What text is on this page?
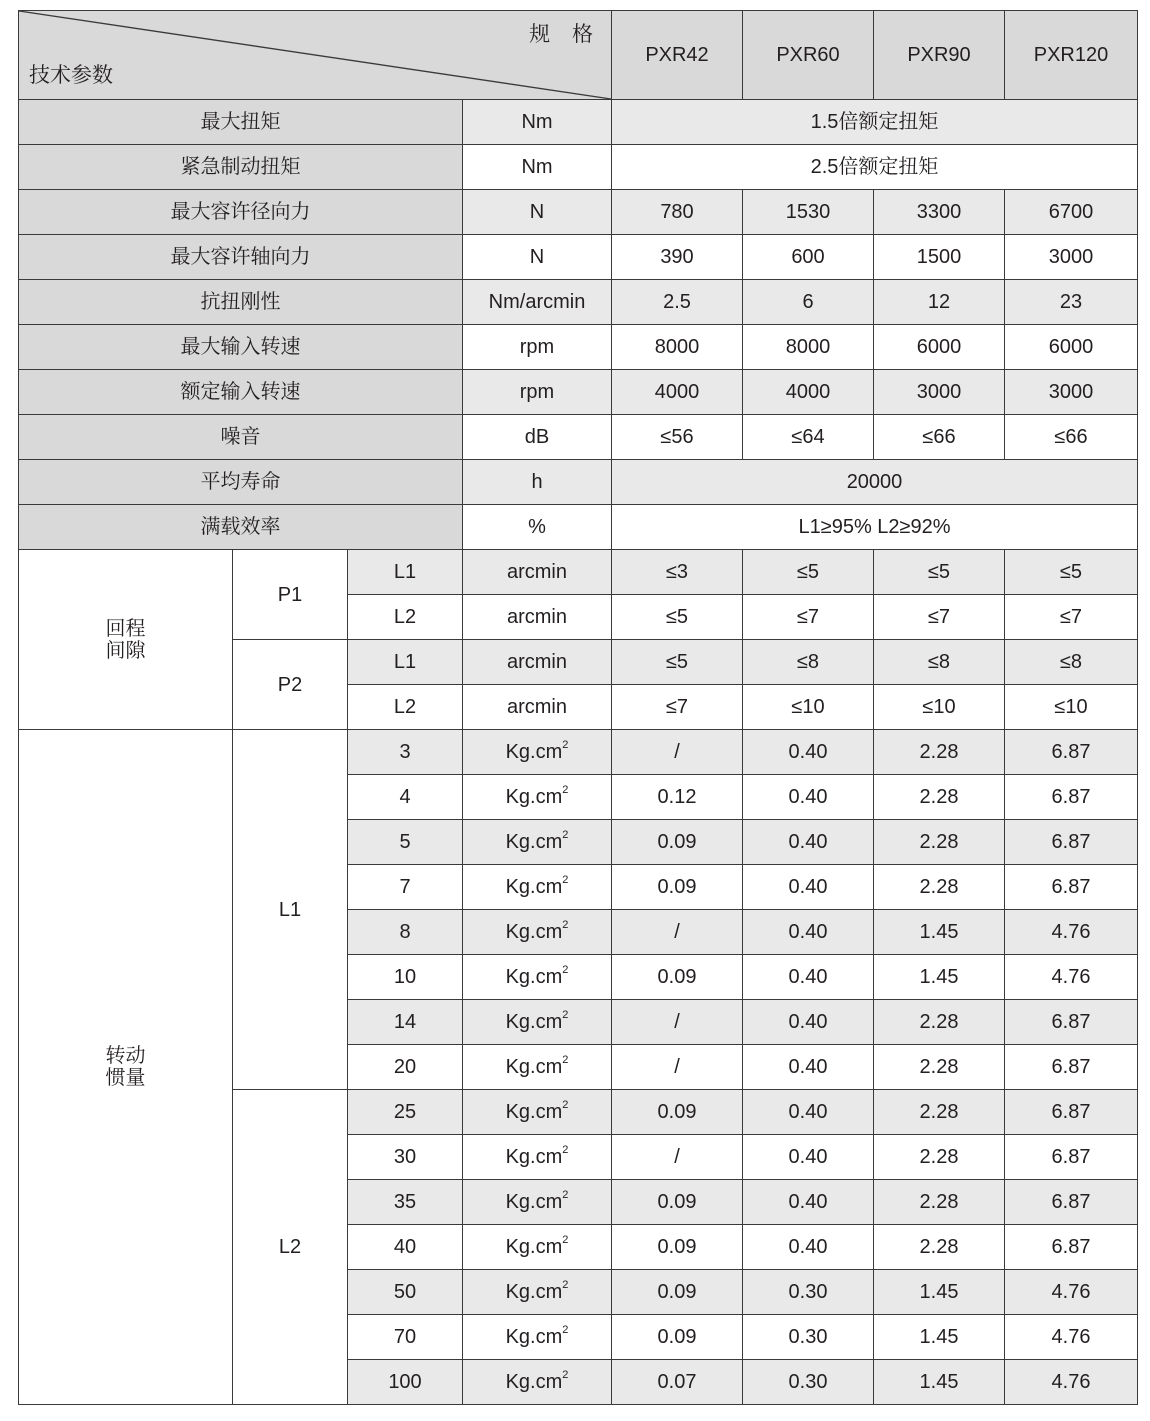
规 格
技术参数				PXR42	PXR60	PXR90	PXR120
最大扭矩			Nm	1.5倍额定扭矩			
紧急制动扭矩			Nm	2.5倍额定扭矩			
最大容许径向力			N	780	1530	3300	6700
最大容许轴向力			N	390	600	1500	3000
抗扭刚性			Nm/arcmin	2.5	6	12	23
最大输入转速			rpm	8000	8000	6000	6000
额定输入转速			rpm	4000	4000	3000	3000
噪音			dB	≤56	≤64	≤66	≤66
平均寿命			h	20000			
满载效率			%	L1≥95% L2≥92%			

回程
间隙	P1	L1	arcmin	≤3	≤5	≤5	≤5
		L2	arcmin	≤5	≤7	≤7	≤7
	P2	L1	arcmin	≤5	≤8	≤8	≤8
		L2	arcmin	≤7	≤10	≤10	≤10

转动
惯量	L1	3	$Kg.cm^2$	/	0.40	2.28	6.87
		4	$Kg.cm^2$	0.12	0.40	2.28	6.87
		5	$Kg.cm^2$	0.09	0.40	2.28	6.87
		7	$Kg.cm^2$	0.09	0.40	2.28	6.87
		8	$Kg.cm^2$	/	0.40	1.45	4.76
		10	$Kg.cm^2$	0.09	0.40	1.45	4.76
		14	$Kg.cm^2$	/	0.40	2.28	6.87
		20	$Kg.cm^2$	/	0.40	2.28	6.87
	L2	25	$Kg.cm^2$	0.09	0.40	2.28	6.87
		30	$Kg.cm^2$	/	0.40	2.28	6.87
		35	$Kg.cm^2$	0.09	0.40	2.28	6.87
		40	$Kg.cm^2$	0.09	0.40	2.28	6.87
		50	$Kg.cm^2$	0.09	0.30	1.45	4.76
		70	$Kg.cm^2$	0.09	0.30	1.45	4.76
		100	$Kg.cm^2$	0.07	0.30	1.45	4.76
